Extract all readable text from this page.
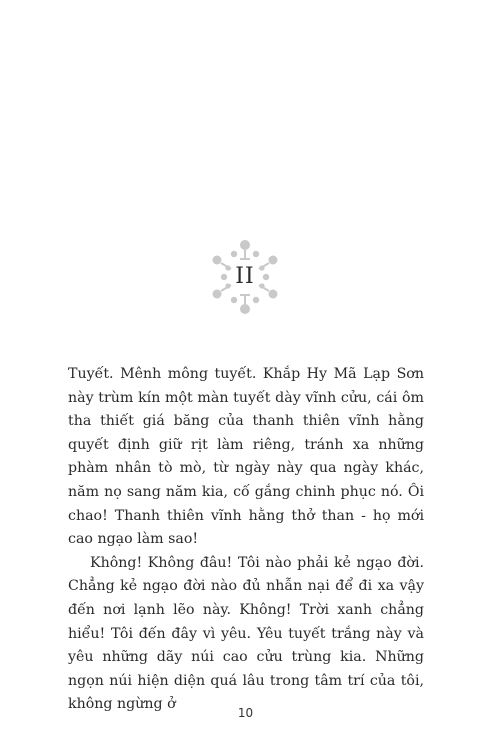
II

Tuyết. Mênh mông tuyết. Khắp Hy Mã Lạp Sơn này trùm kín một màn tuyết dày vĩnh cửu, cái ôm tha thiết giá băng của thanh thiên vĩnh hằng quyết định giữ rịt làm riêng, tránh xa những phàm nhân tò mò, từ ngày này qua ngày khác, năm nọ sang năm kia, cố gắng chinh phục nó. Ôi chao! Thanh thiên vĩnh hằng thở than - họ mới cao ngạo làm sao!

Không! Không đâu! Tôi nào phải kẻ ngạo đời. Chẳng kẻ ngạo đời nào đủ nhẫn nại để đi xa vậy đến nơi lạnh lẽo này. Không! Trời xanh chẳng hiểu! Tôi đến đây vì yêu. Yêu tuyết trắng này và yêu những dãy núi cao cửu trùng kia. Những ngọn núi hiện diện quá lâu trong tâm trí của tôi, không ngừng ở

10
